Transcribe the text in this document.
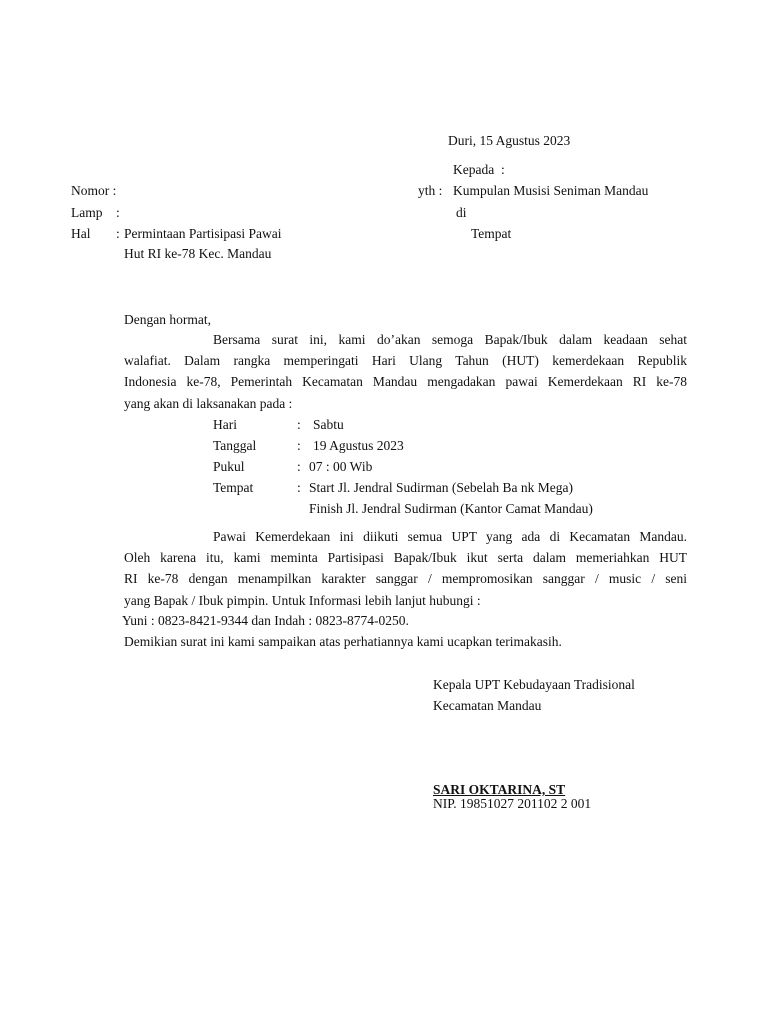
Duri, 15 Agustus 2023
Kepada  :
yth : Kumpulan Musisi Seniman Mandau
di
Tempat
Nomor :
Lamp :
Hal : Permintaan Partisipasi Pawai
Hut RI ke-78 Kec. Mandau
Dengan hormat,
Bersama surat ini, kami do’akan semoga Bapak/Ibuk dalam keadaan sehat
walafiat. Dalam rangka memperingati Hari Ulang Tahun (HUT) kemerdekaan Republik
Indonesia ke-78, Pemerintah Kecamatan Mandau mengadakan pawai Kemerdekaan RI ke-78
yang akan di laksanakan pada :
Hari	: Sabtu
Tanggal	: 19 Agustus 2023
Pukul	: 07 : 00 Wib
Tempat	: Start Jl. Jendral Sudirman (Sebelah Ba nk Mega)
Finish Jl. Jendral Sudirman (Kantor Camat Mandau)
Pawai Kemerdekaan ini diikuti semua UPT yang ada di Kecamatan Mandau.
Oleh karena itu, kami meminta Partisipasi Bapak/Ibuk ikut serta dalam memeriahkan HUT
RI ke-78 dengan menampilkan karakter sanggar / mempromosikan sanggar / music / seni
yang Bapak / Ibuk pimpin. Untuk Informasi lebih lanjut hubungi :
Yuni : 0823-8421-9344 dan Indah : 0823-8774-0250.
Demikian surat ini kami sampaikan atas perhatiannya kami ucapkan terimakasih.
Kepala UPT Kebudayaan Tradisional
Kecamatan Mandau
SARI OKTARINA, ST
NIP. 19851027 201102 2 001
